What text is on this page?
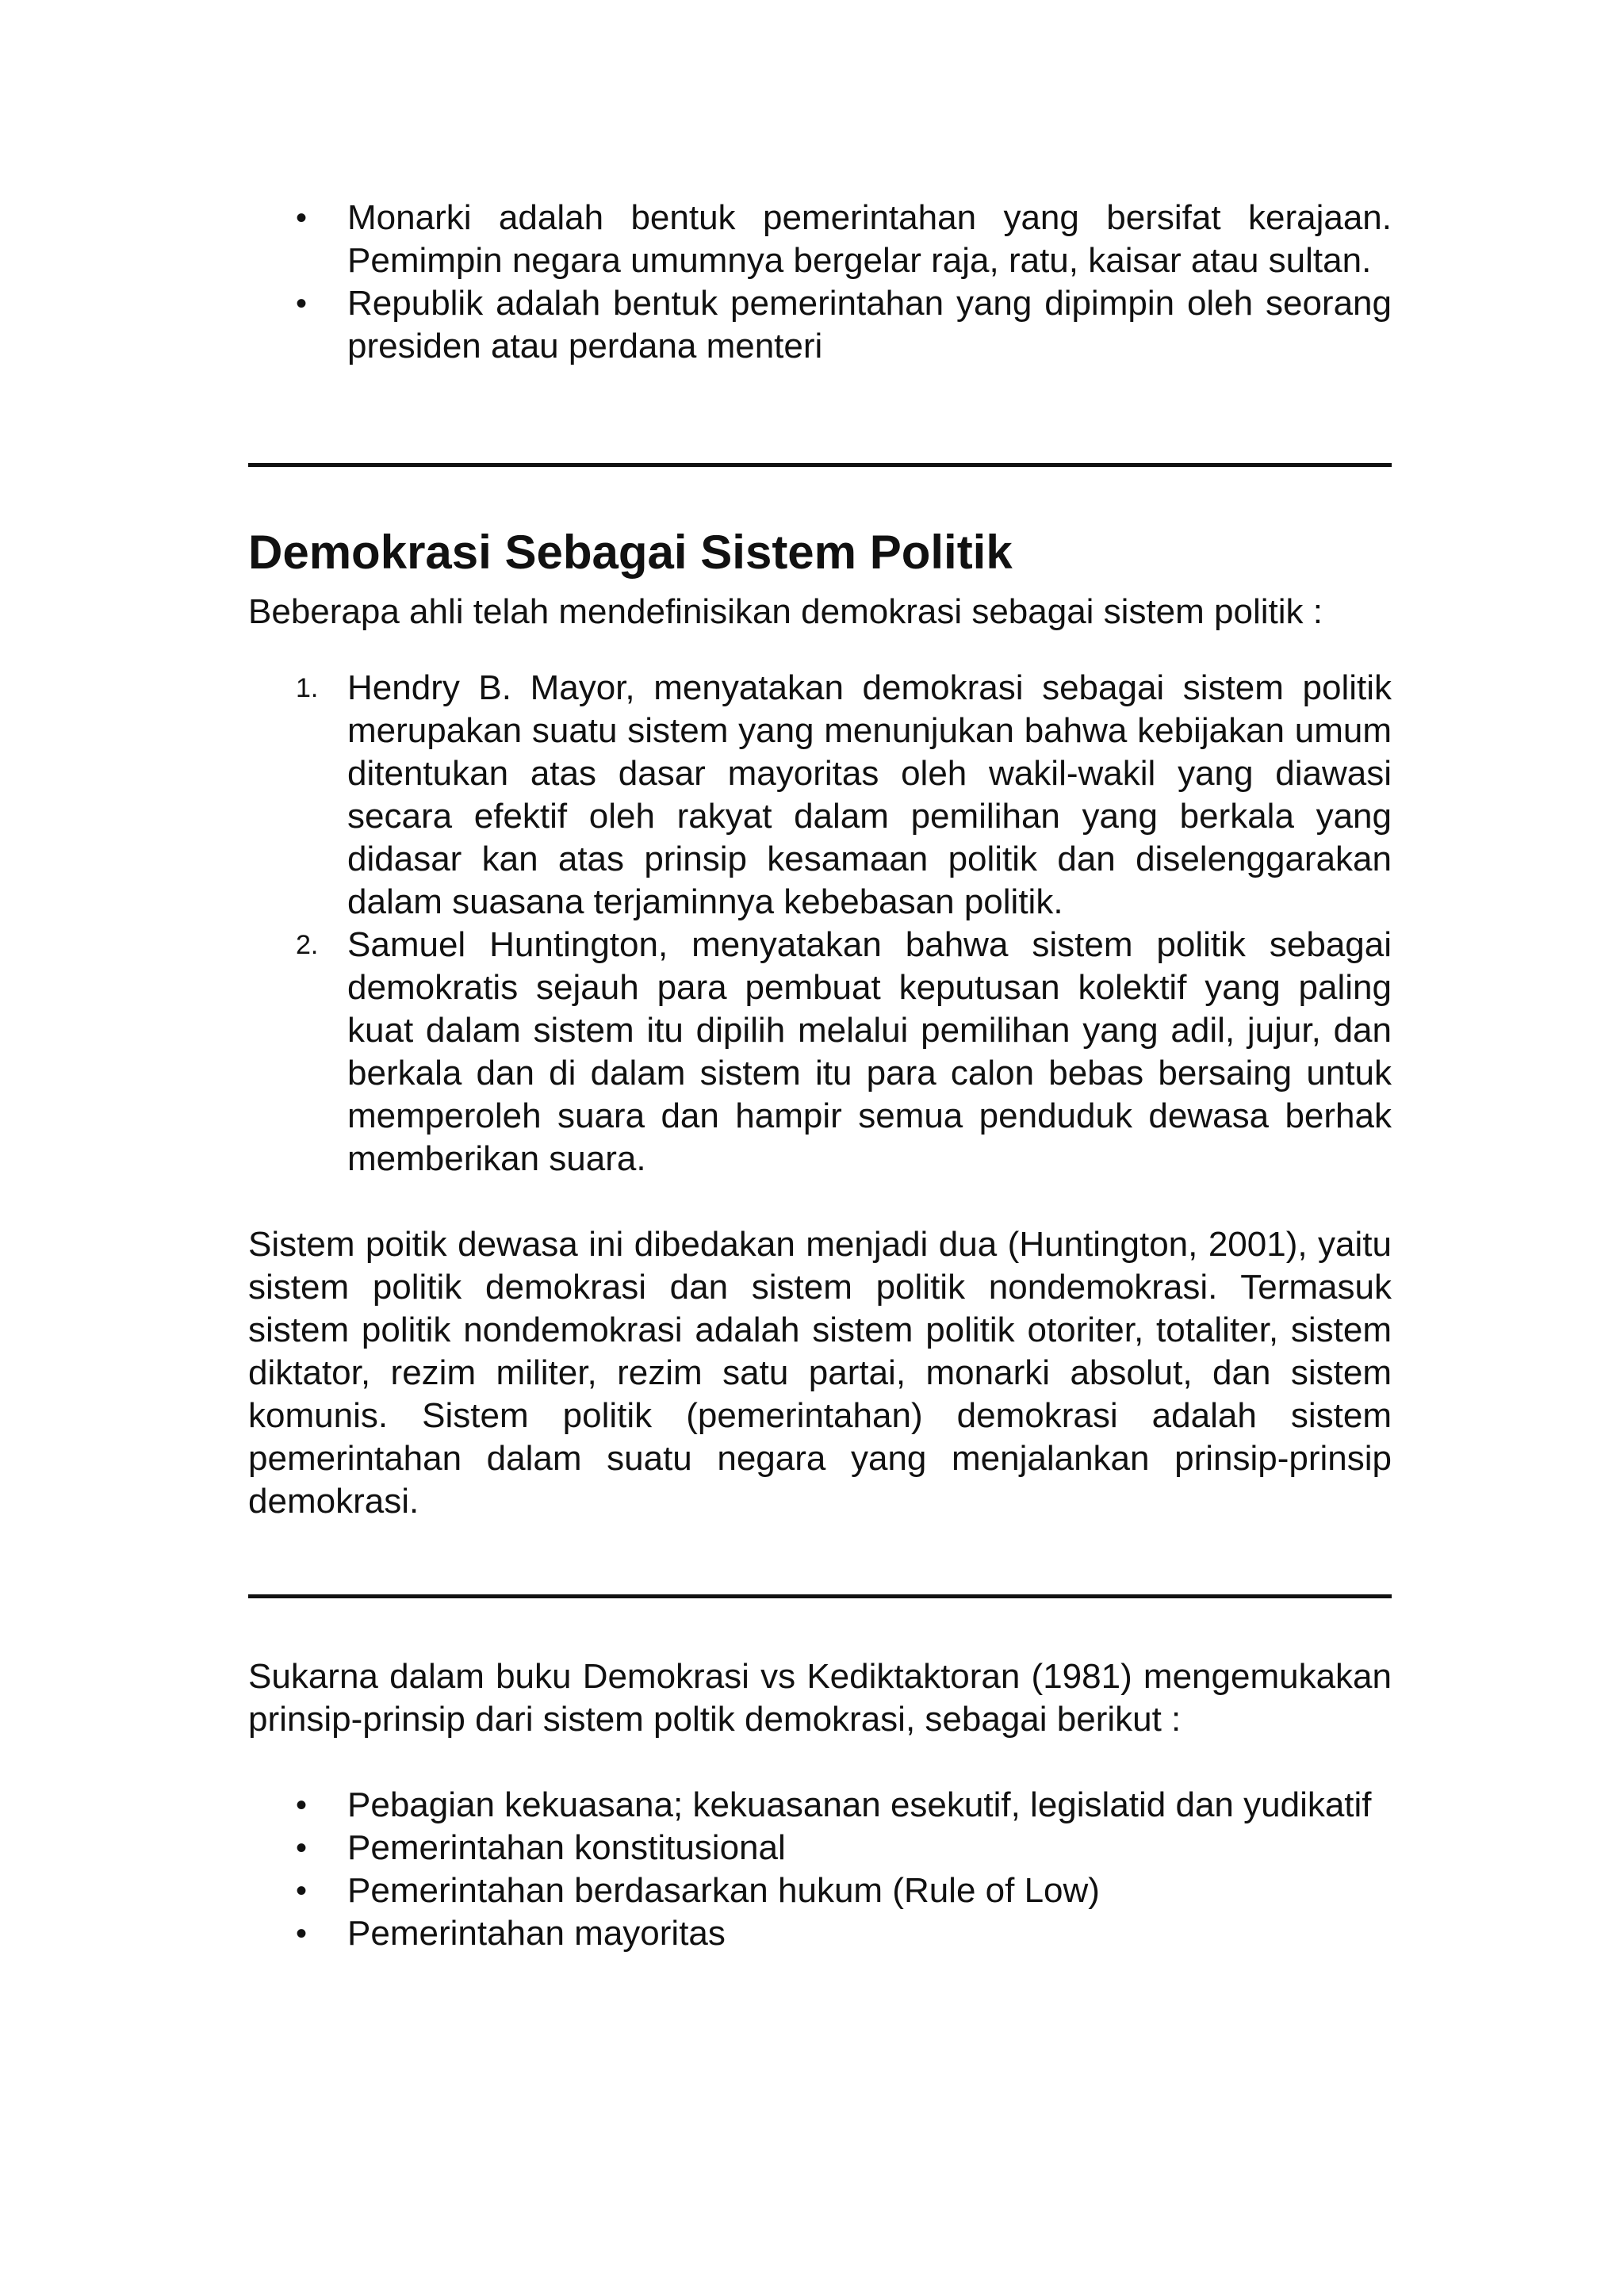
•	Monarki adalah bentuk pemerintahan yang bersifat kerajaan. Pemimpin negara umumnya bergelar raja, ratu, kaisar atau sultan.
•	Republik adalah bentuk pemerintahan yang dipimpin oleh seorang presiden atau perdana menteri
Demokrasi Sebagai Sistem Politik

Beberapa ahli telah mendefinisikan demokrasi sebagai sistem politik :

1. Hendry B. Mayor, menyatakan demokrasi sebagai sistem politik merupakan suatu sistem yang menunjukan bahwa kebijakan umum ditentukan atas dasar mayoritas oleh wakil-wakil yang diawasi secara efektif oleh rakyat dalam pemilihan yang berkala yang didasar kan atas prinsip kesamaan politik dan diselenggarakan dalam suasana terjaminnya kebebasan politik.
2. Samuel Huntington, menyatakan bahwa sistem politik sebagai demokratis sejauh para pembuat keputusan kolektif yang paling kuat dalam sistem itu dipilih melalui pemilihan yang adil, jujur, dan berkala dan di dalam sistem itu para calon bebas bersaing untuk memperoleh suara dan hampir semua penduduk dewasa berhak memberikan suara.

Sistem poitik dewasa ini dibedakan menjadi dua (Huntington, 2001), yaitu sistem politik demokrasi dan sistem politik nondemokrasi. Termasuk sistem politik nondemokrasi adalah sistem politik otoriter, totaliter, sistem diktator, rezim militer, rezim satu partai, monarki absolut, dan sistem komunis. Sistem politik (pemerintahan) demokrasi adalah sistem pemerintahan dalam suatu negara yang menjalankan prinsip-prinsip demokrasi.

Sukarna dalam buku Demokrasi vs Kediktaktoran (1981) mengemukakan prinsip-prinsip dari sistem poltik demokrasi, sebagai berikut :

•	Pebagian kekuasana; kekuasanan esekutif, legislatid dan yudikatif
•	Pemerintahan konstitusional
•	Pemerintahan berdasarkan hukum (Rule of Low)
•	Pemerintahan mayoritas
